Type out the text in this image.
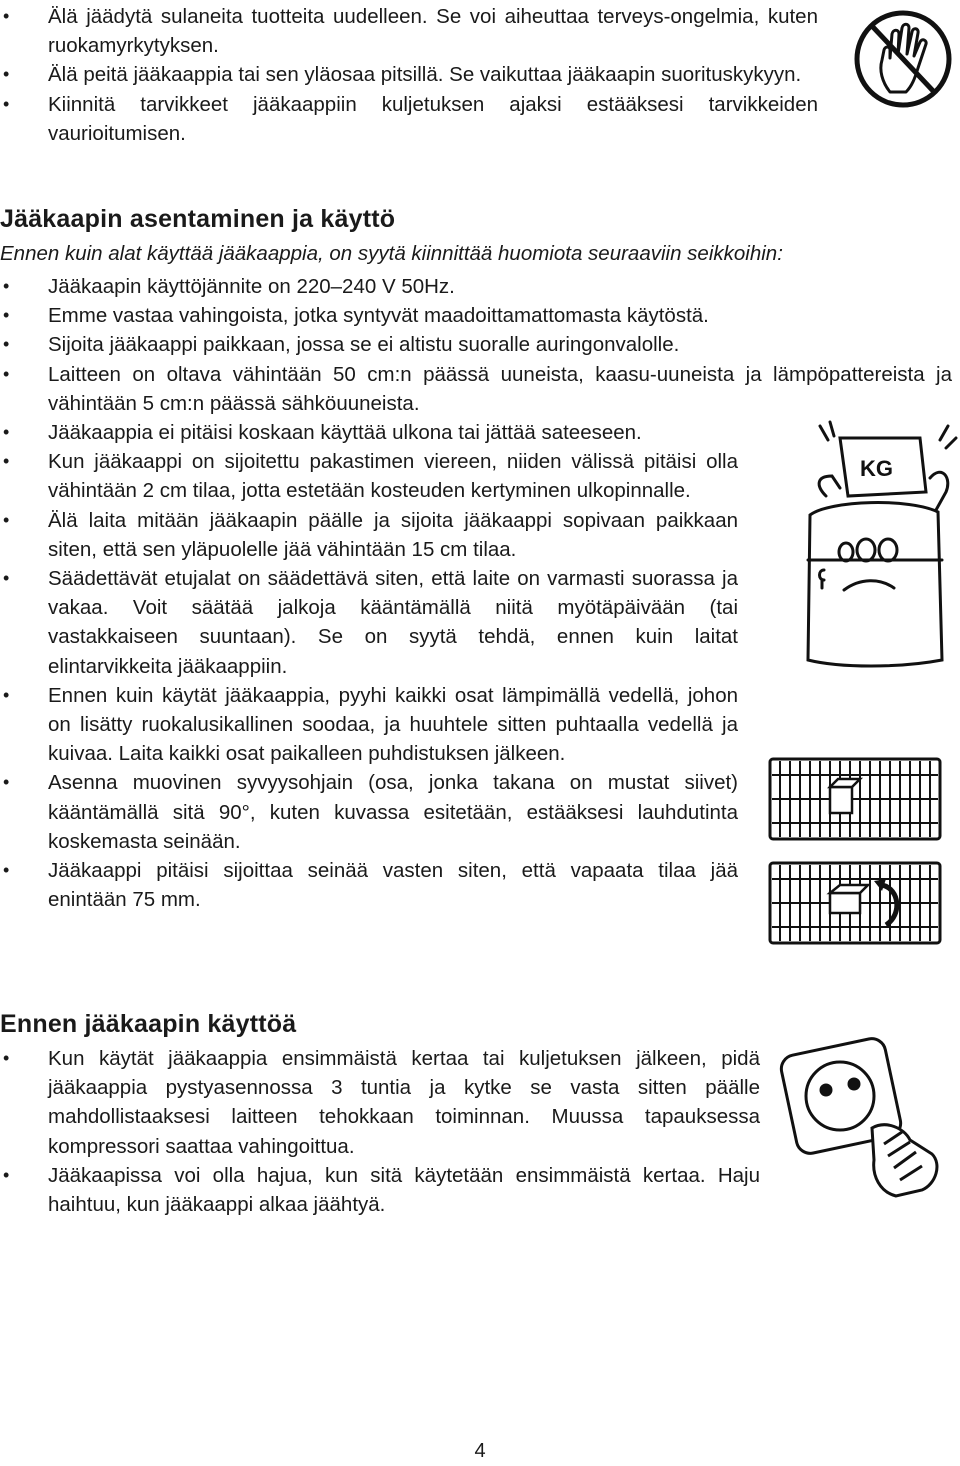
• Älä jäädytä sulaneita tuotteita uudelleen. Se voi aiheuttaa terveys-ongelmia, kuten ruokamyrkytyksen.
• Älä peitä jääkaappia tai sen yläosaa pitsillä. Se vaikuttaa jääkaapin suorituskykyyn.
• Kiinnitä tarvikkeet jääkaappiin kuljetuksen ajaksi estääksesi tarvikkeiden vaurioitumisen.
Jääkaapin asentaminen ja käyttö

Ennen kuin alat käyttää jääkaappia, on syytä kiinnittää huomiota seuraaviin seikkoihin:

• Jääkaapin käyttöjännite on 220–240 V 50Hz.
• Emme vastaa vahingoista, jotka syntyvät maadoittamattomasta käytöstä.
• Sijoita jääkaappi paikkaan, jossa se ei altistu suoralle auringonvalolle.
• Laitteen on oltava vähintään 50 cm:n päässä uuneista, kaasu-uuneista ja lämpöpattereista ja vähintään 5 cm:n päässä sähköuuneista.
• Jääkaappia ei pitäisi koskaan käyttää ulkona tai jättää sateeseen.
• Kun jääkaappi on sijoitettu pakastimen viereen, niiden välissä pitäisi olla vähintään 2 cm tilaa, jotta estetään kosteuden kertyminen ulkopinnalle.
• Älä laita mitään jääkaapin päälle ja sijoita jääkaappi sopivaan paikkaan siten, että sen yläpuolelle jää vähintään 15 cm tilaa.
• Säädettävät etujalat on säädettävä siten, että laite on varmasti suorassa ja vakaa. Voit säätää jalkoja kääntämällä niitä myötäpäivään (tai vastakkaiseen suuntaan). Se on syytä tehdä, ennen kuin laitat elintarvikkeita jääkaappiin.
• Ennen kuin käytät jääkaappia, pyyhi kaikki osat lämpimällä vedellä, johon on lisätty ruokalusikallinen soodaa, ja huuhtele sitten puhtaalla vedellä ja kuivaa. Laita kaikki osat paikalleen puhdistuksen jälkeen.
• Asenna muovinen syvyysohjain (osa, jonka takana on mustat siivet) kääntämällä sitä 90°, kuten kuvassa esitetään, estääksesi lauhdutinta koskemasta seinään.
• Jääkaappi pitäisi sijoittaa seinää vasten siten, että vapaata tilaa jää enintään 75 mm.
KG
Ennen jääkaapin käyttöä
• Kun käytät jääkaappia ensimmäistä kertaa tai kuljetuksen jälkeen, pidä jääkaappia pystyasennossa 3 tuntia ja kytke se vasta sitten päälle mahdollistaaksesi laitteen tehokkaan toiminnan. Muussa tapauksessa kompressori saattaa vahingoittua.
• Jääkaapissa voi olla hajua, kun sitä käytetään ensimmäistä kertaa. Haju haihtuu, kun jääkaappi alkaa jäähtyä.
4
